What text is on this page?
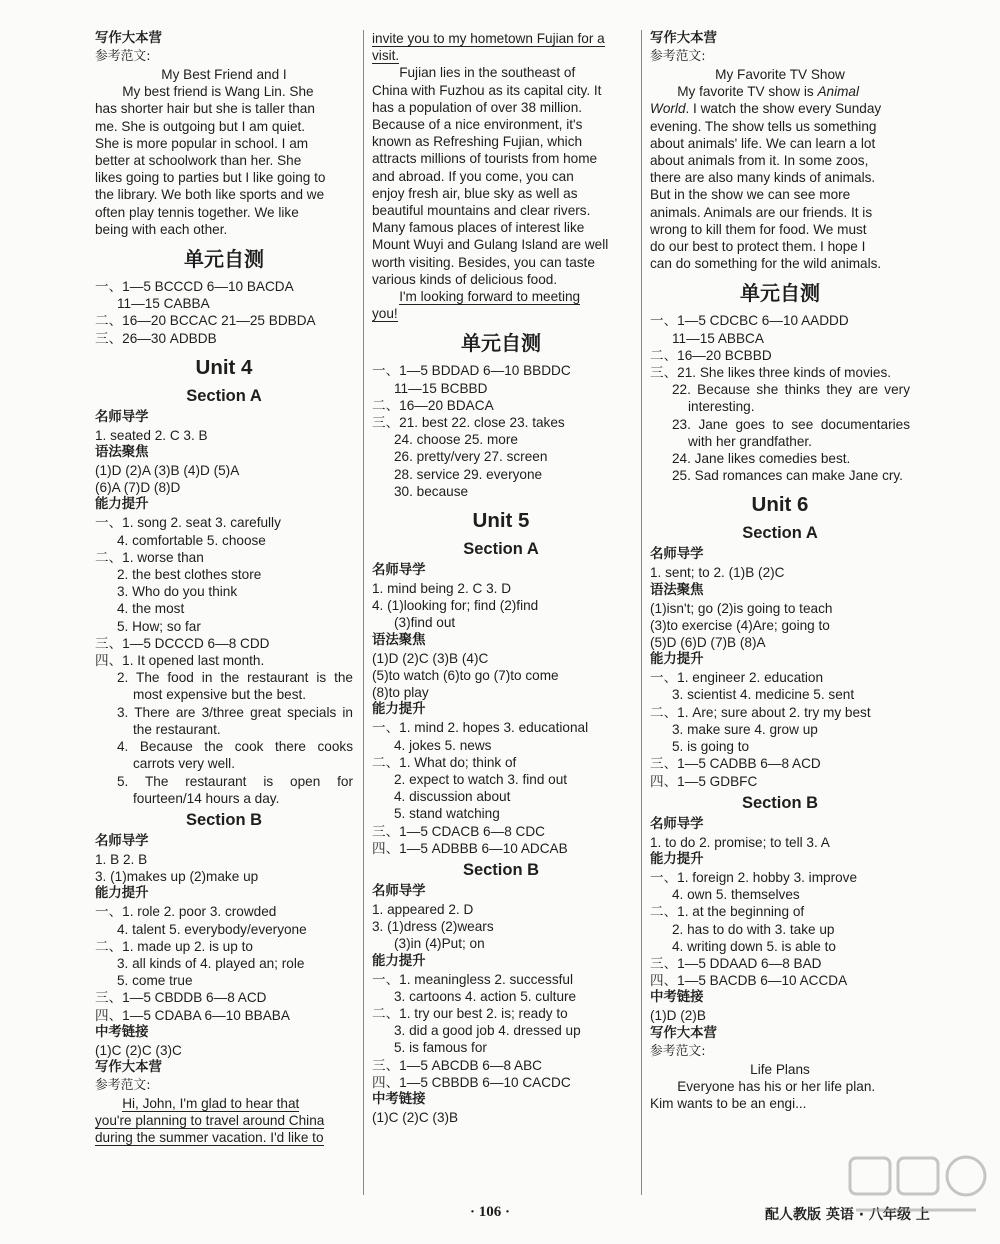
写作大本营
参考范文:
My Best Friend and I
My best friend is Wang Lin. She
has shorter hair but she is taller than
me. She is outgoing but I am quiet.
She is more popular in school. I am
better at schoolwork than her. She
likes going to parties but I like going to
the library. We both like sports and we
often play tennis together. We like
being with each other.
单元自测
一、1—5 BCCCD 6—10 BACDA
11—15 CABBA
二、16—20 BCCAC 21—25 BDBDA
三、26—30 ADBDB
Unit 4
Section A
名师导学
1. seated 2. C 3. B
语法聚焦
(1)D (2)A (3)B (4)D (5)A
(6)A (7)D (8)D
能力提升
一、1. song 2. seat 3. carefully
4. comfortable 5. choose
二、1. worse than
2. the best clothes store
3. Who do you think
4. the most
5. How; so far
三、1—5 DCCCD 6—8 CDD
四、1. It opened last month.
2. The food in the restaurant is the most expensive but the best.
3. There are 3/three great specials in the restaurant.
4. Because the cook there cooks carrots very well.
5. The restaurant is open for fourteen/14 hours a day.
Section B
名师导学
1. B 2. B
3. (1)makes up (2)make up
能力提升
一、1. role 2. poor 3. crowded
4. talent 5. everybody/everyone
二、1. made up 2. is up to
3. all kinds of 4. played an; role
5. come true
三、1—5 CBDDB 6—8 ACD
四、1—5 CDABA 6—10 BBABA
中考链接
(1)C (2)C (3)C
写作大本营
参考范文:
Hi, John, I'm glad to hear that
you're planning to travel around China
during the summer vacation. I'd like to
invite you to my hometown Fujian for a
visit.
Fujian lies in the southeast of
China with Fuzhou as its capital city. It
has a population of over 38 million.
Because of a nice environment, it's
known as Refreshing Fujian, which
attracts millions of tourists from home
and abroad. If you come, you can
enjoy fresh air, blue sky as well as
beautiful mountains and clear rivers.
Many famous places of interest like
Mount Wuyi and Gulang Island are well
worth visiting. Besides, you can taste
various kinds of delicious food.
I'm looking forward to meeting
you!
单元自测
一、1—5 BDDAD 6—10 BBDDC
11—15 BCBBD
二、16—20 BDACA
三、21. best 22. close 23. takes
24. choose 25. more
26. pretty/very 27. screen
28. service 29. everyone
30. because
Unit 5
Section A
名师导学
1. mind being 2. C 3. D
4. (1)looking for; find (2)find
(3)find out
语法聚焦
(1)D (2)C (3)B (4)C
(5)to watch (6)to go (7)to come
(8)to play
能力提升
一、1. mind 2. hopes 3. educational
4. jokes 5. news
二、1. What do; think of
2. expect to watch 3. find out
4. discussion about
5. stand watching
三、1—5 CDACB 6—8 CDC
四、1—5 ADBBB 6—10 ADCAB
Section B
名师导学
1. appeared 2. D
3. (1)dress (2)wears
(3)in (4)Put; on
能力提升
一、1. meaningless 2. successful
3. cartoons 4. action 5. culture
二、1. try our best 2. is; ready to
3. did a good job 4. dressed up
5. is famous for
三、1—5 ABCDB 6—8 ABC
四、1—5 CBBDB 6—10 CACDC
中考链接
(1)C (2)C (3)B
写作大本营
参考范文:
My Favorite TV Show
My favorite TV show is Animal
World. I watch the show every Sunday
evening. The show tells us something
about animals' life. We can learn a lot
about animals from it. In some zoos,
there are also many kinds of animals.
But in the show we can see more
animals. Animals are our friends. It is
wrong to kill them for food. We must
do our best to protect them. I hope I
can do something for the wild animals.
单元自测
一、1—5 CDCBC 6—10 AADDD
11—15 ABBCA
二、16—20 BCBBD
三、21. She likes three kinds of movies.
22. Because she thinks they are very interesting.
23. Jane goes to see documentaries with her grandfather.
24. Jane likes comedies best.
25. Sad romances can make Jane cry.
Unit 6
Section A
名师导学
1. sent; to 2. (1)B (2)C
语法聚焦
(1)isn't; go (2)is going to teach
(3)to exercise (4)Are; going to
(5)D (6)D (7)B (8)A
能力提升
一、1. engineer 2. education
3. scientist 4. medicine 5. sent
二、1. Are; sure about 2. try my best
3. make sure 4. grow up
5. is going to
三、1—5 CADBB 6—8 ACD
四、1—5 GDBFC
Section B
名师导学
1. to do 2. promise; to tell 3. A
能力提升
一、1. foreign 2. hobby 3. improve
4. own 5. themselves
二、1. at the beginning of
2. has to do with 3. take up
4. writing down 5. is able to
三、1—5 DDAAD 6—8 BAD
四、1—5 BACDB 6—10 ACCDA
中考链接
(1)D (2)B
写作大本营
参考范文:
Life Plans
Everyone has his or her life plan.
Kim wants to be an engi...
· 106 ·	配人教版 英语 · 八年级 上
